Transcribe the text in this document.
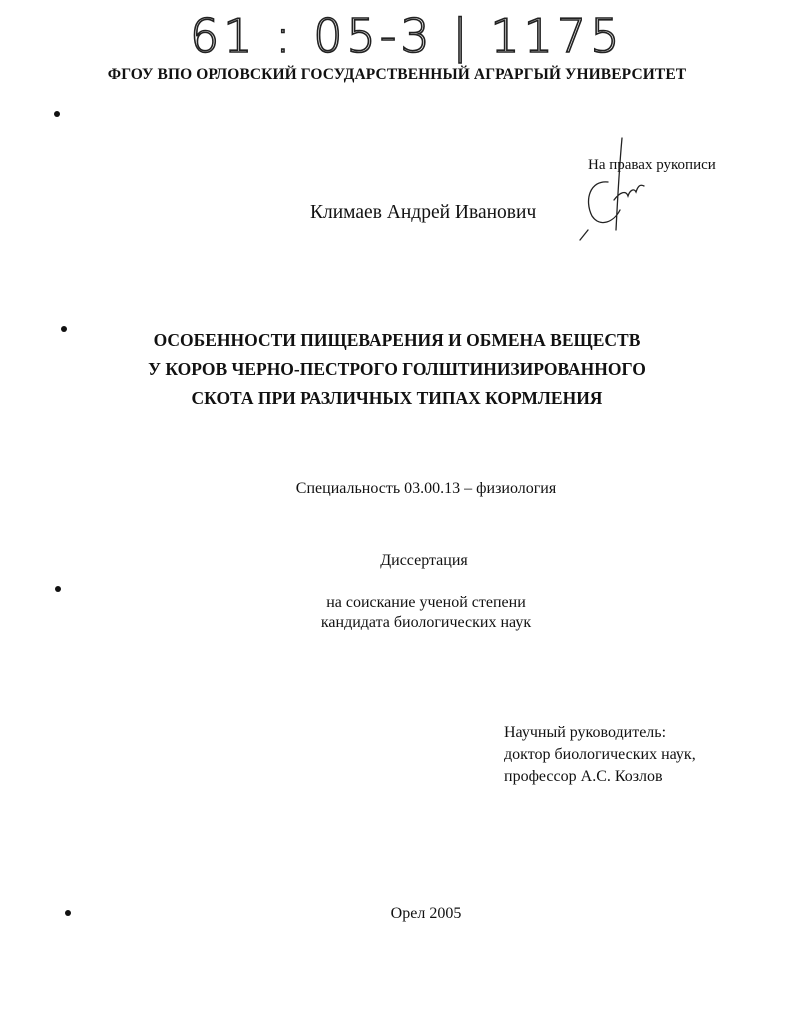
61 : 05-3 | 1175
ФГОУ ВПО ОРЛОВСКИЙ ГОСУДАРСТВЕННЫЙ АГРАРГЫЙ УНИВЕРСИТЕТ
На правах рукописи
Климаев Андрей Иванович
ОСОБЕННОСТИ ПИЩЕВАРЕНИЯ И ОБМЕНА ВЕЩЕСТВ
У КОРОВ ЧЕРНО-ПЕСТРОГО ГОЛШТИНИЗИРОВАННОГО
СКОТА ПРИ РАЗЛИЧНЫХ ТИПАХ КОРМЛЕНИЯ
Специальность 03.00.13 – физиология
Диссертация
на соискание ученой степени
кандидата биологических наук
Научный руководитель:
доктор биологических наук,
профессор А.С. Козлов
Орел 2005
